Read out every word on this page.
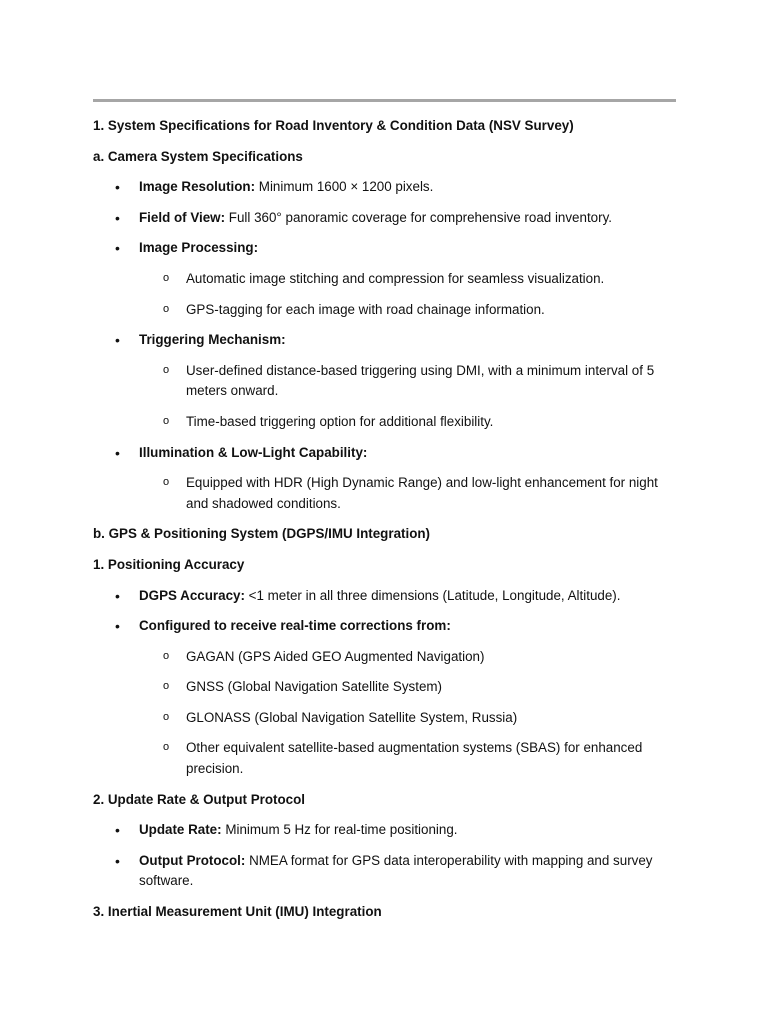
1. System Specifications for Road Inventory & Condition Data (NSV Survey)

a. Camera System Specifications

• Image Resolution: Minimum 1600 × 1200 pixels.
• Field of View: Full 360° panoramic coverage for comprehensive road inventory.
• Image Processing:
o Automatic image stitching and compression for seamless visualization.
o GPS-tagging for each image with road chainage information.
• Triggering Mechanism:
o User-defined distance-based triggering using DMI, with a minimum interval of 5 meters onward.
o Time-based triggering option for additional flexibility.
• Illumination & Low-Light Capability:
o Equipped with HDR (High Dynamic Range) and low-light enhancement for night and shadowed conditions.

b. GPS & Positioning System (DGPS/IMU Integration)

1. Positioning Accuracy

• DGPS Accuracy: <1 meter in all three dimensions (Latitude, Longitude, Altitude).
• Configured to receive real-time corrections from:
o GAGAN (GPS Aided GEO Augmented Navigation)
o GNSS (Global Navigation Satellite System)
o GLONASS (Global Navigation Satellite System, Russia)
o Other equivalent satellite-based augmentation systems (SBAS) for enhanced precision.

2. Update Rate & Output Protocol

• Update Rate: Minimum 5 Hz for real-time positioning.
• Output Protocol: NMEA format for GPS data interoperability with mapping and survey software.

3. Inertial Measurement Unit (IMU) Integration
